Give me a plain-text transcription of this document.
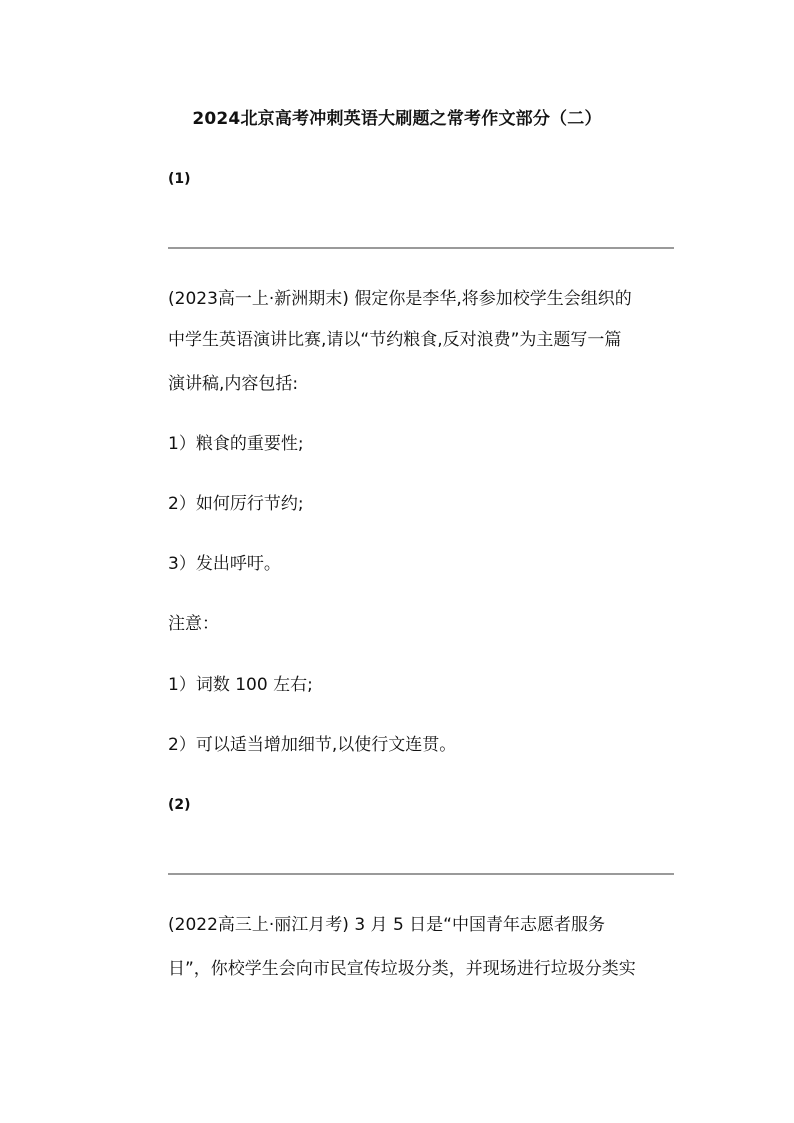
2024北京高考冲刺英语大刷题之常考作文部分（二）
(1)
(2023高一上·新洲期末) 假定你是李华,将参加校学生会组织的
中学生英语演讲比赛,请以“节约粮食,反对浪费”为主题写一篇
演讲稿,内容包括:
1）粮食的重要性;
2）如何厉行节约;
3）发出呼吁。
注意：
1）词数 100 左右;
2）可以适当增加细节,以使行文连贯。
(2)
(2022高三上·丽江月考) 3 月 5 日是“中国青年志愿者服务
日”，你校学生会向市民宣传垃圾分类，并现场进行垃圾分类实
